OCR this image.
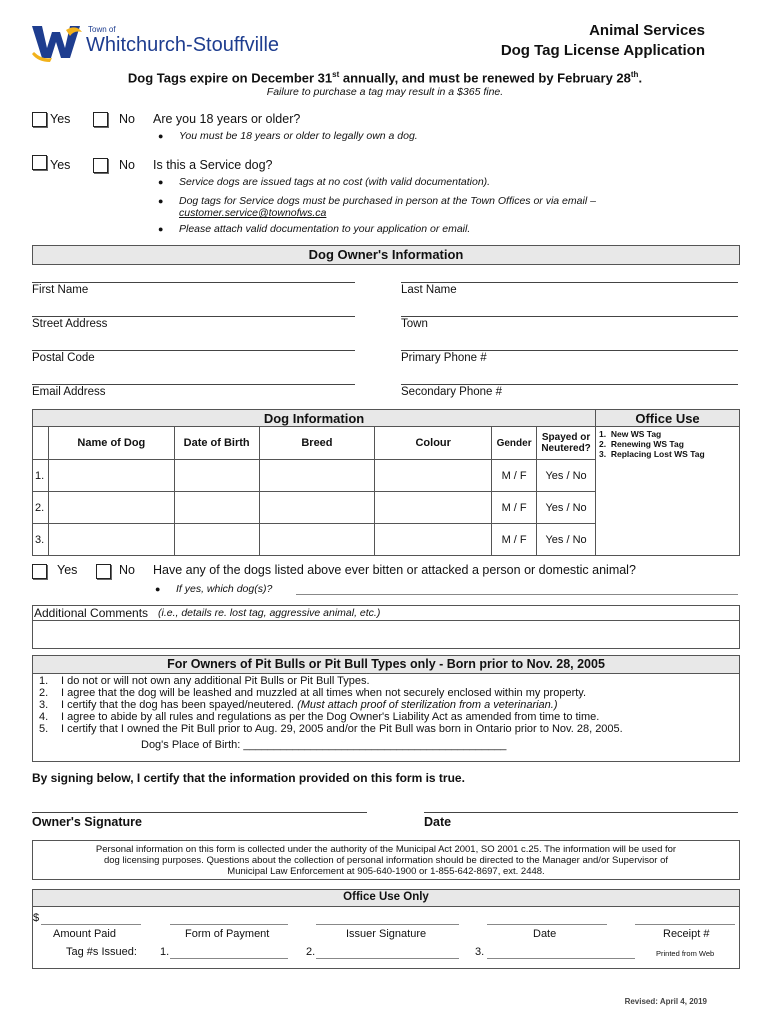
Town of
Whitchurch-Stouffville
Animal Services
Dog Tag License Application
Dog Tags expire on December 31st annually, and must be renewed by February 28th.
Failure to purchase a tag may result in a $365 fine.
Yes	No Are you 18 years or older?
● You must be 18 years or older to legally own a dog.
Yes	No Is this a Service dog?
● Service dogs are issued tags at no cost (with valid documentation).
● Dog tags for Service dogs must be purchased in person at the Town Offices or via email –
customer.service@townofws.ca
● Please attach valid documentation to your application or email.
Dog Owner's Information
First Name	Last Name
Street Address	Town
Postal Code	Primary Phone #
Email Address	Secondary Phone #
Dog Information							Office Use
	Name of Dog	Date of Birth	Breed	Colour	Gender	Spayed or Neutered?	1.  New WS Tag
2.  Renewing WS Tag
3.  Replacing Lost WS Tag

1.					M / F	Yes / No	
2.					M / F	Yes / No	
3.					M / F	Yes / No	
Yes	No Have any of the dogs listed above ever bitten or attacked a person or domestic animal?
● If yes, which dog(s)?
Additional Comments (i.e., details re. lost tag, aggressive animal, etc.)
For Owners of Pit Bulls or Pit Bull Types only - Born prior to Nov. 28, 2005
1. I do not or will not own any additional Pit Bulls or Pit Bull Types.
2. I agree that the dog will be leashed and muzzled at all times when not securely enclosed within my property.
3. I certify that the dog has been spayed/neutered. (Must attach proof of sterilization from a veterinarian.)
4. I agree to abide by all rules and regulations as per the Dog Owner's Liability Act as amended from time to time.
5. I certify that I owned the Pit Bull prior to Aug. 29, 2005 and/or the Pit Bull was born in Ontario prior to Nov. 28, 2005.
Dog's Place of Birth: ___________________________________________
By signing below, I certify that the information provided on this form is true.
Owner's Signature	Date
Personal information on this form is collected under the authority of the Municipal Act 2001, SO 2001 c.25. The information will be used for
dog licensing purposes. Questions about the collection of personal information should be directed to the Manager and/or Supervisor of
Municipal Law Enforcement at 905-640-1900 or 1-855-642-8697, ext. 2448.
Office Use Only
$
Amount Paid	Form of Payment	Issuer Signature	Date	Receipt #
Tag #s Issued: 1.	2.	3.	Printed from Web
Revised: April 4, 2019
